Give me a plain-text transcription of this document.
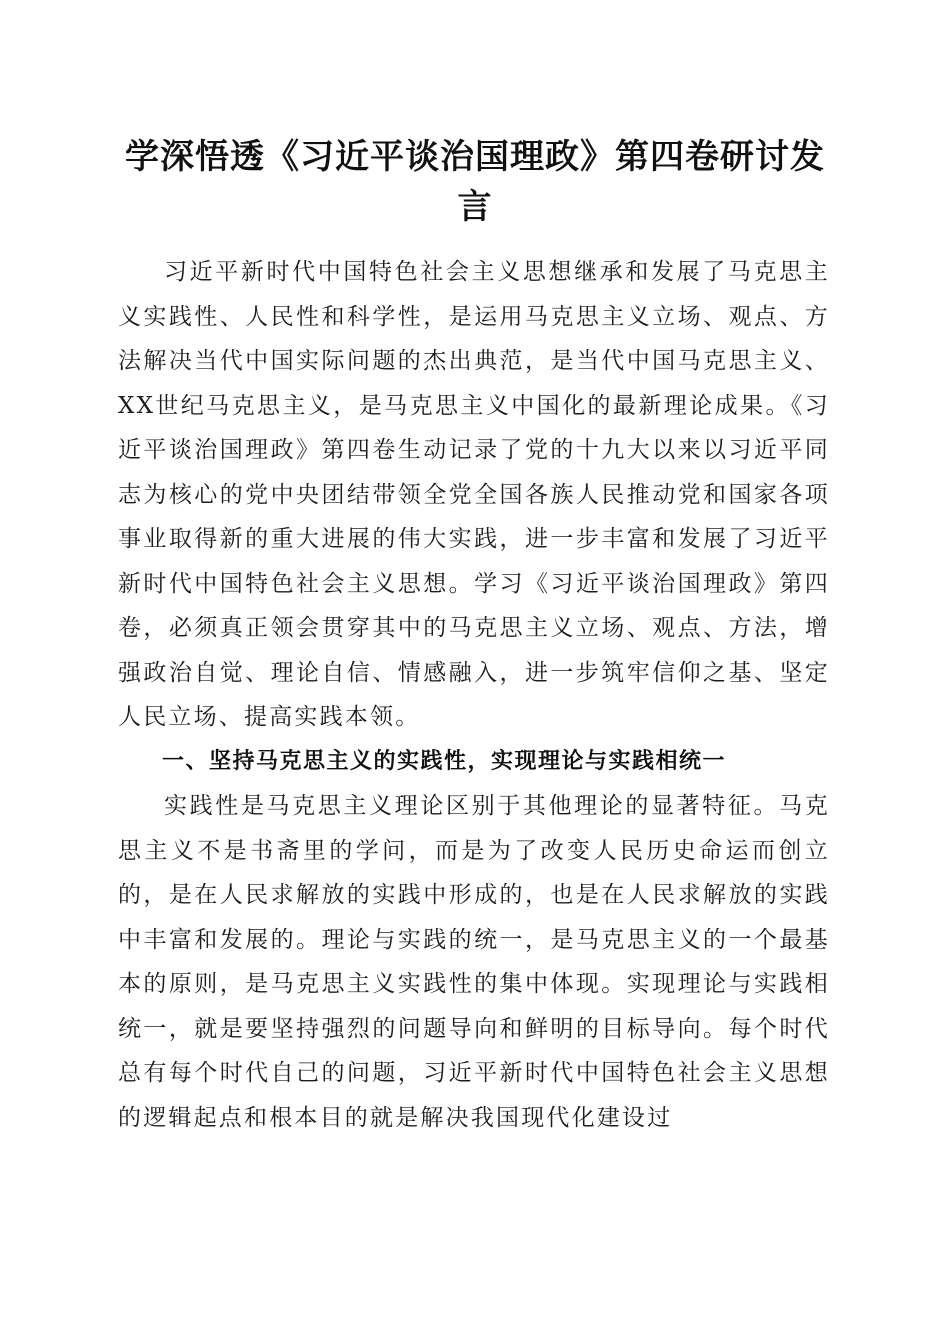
学深悟透《习近平谈治国理政》第四卷研讨发言

习近平新时代中国特色社会主义思想继承和发展了马克思主义实践性、人民性和科学性，是运用马克思主义立场、观点、方法解决当代中国实际问题的杰出典范，是当代中国马克思主义、XX世纪马克思主义，是马克思主义中国化的最新理论成果。《习近平谈治国理政》第四卷生动记录了党的十九大以来以习近平同志为核心的党中央团结带领全党全国各族人民推动党和国家各项事业取得新的重大进展的伟大实践，进一步丰富和发展了习近平新时代中国特色社会主义思想。学习《习近平谈治国理政》第四卷，必须真正领会贯穿其中的马克思主义立场、观点、方法，增强政治自觉、理论自信、情感融入，进一步筑牢信仰之基、坚定人民立场、提高实践本领。

一、坚持马克思主义的实践性，实现理论与实践相统一

实践性是马克思主义理论区别于其他理论的显著特征。马克思主义不是书斋里的学问，而是为了改变人民历史命运而创立的，是在人民求解放的实践中形成的，也是在人民求解放的实践中丰富和发展的。理论与实践的统一，是马克思主义的一个最基本的原则，是马克思主义实践性的集中体现。实现理论与实践相统一，就是要坚持强烈的问题导向和鲜明的目标导向。每个时代总有每个时代自己的问题，习近平新时代中国特色社会主义思想的逻辑起点和根本目的就是解决我国现代化建设过
